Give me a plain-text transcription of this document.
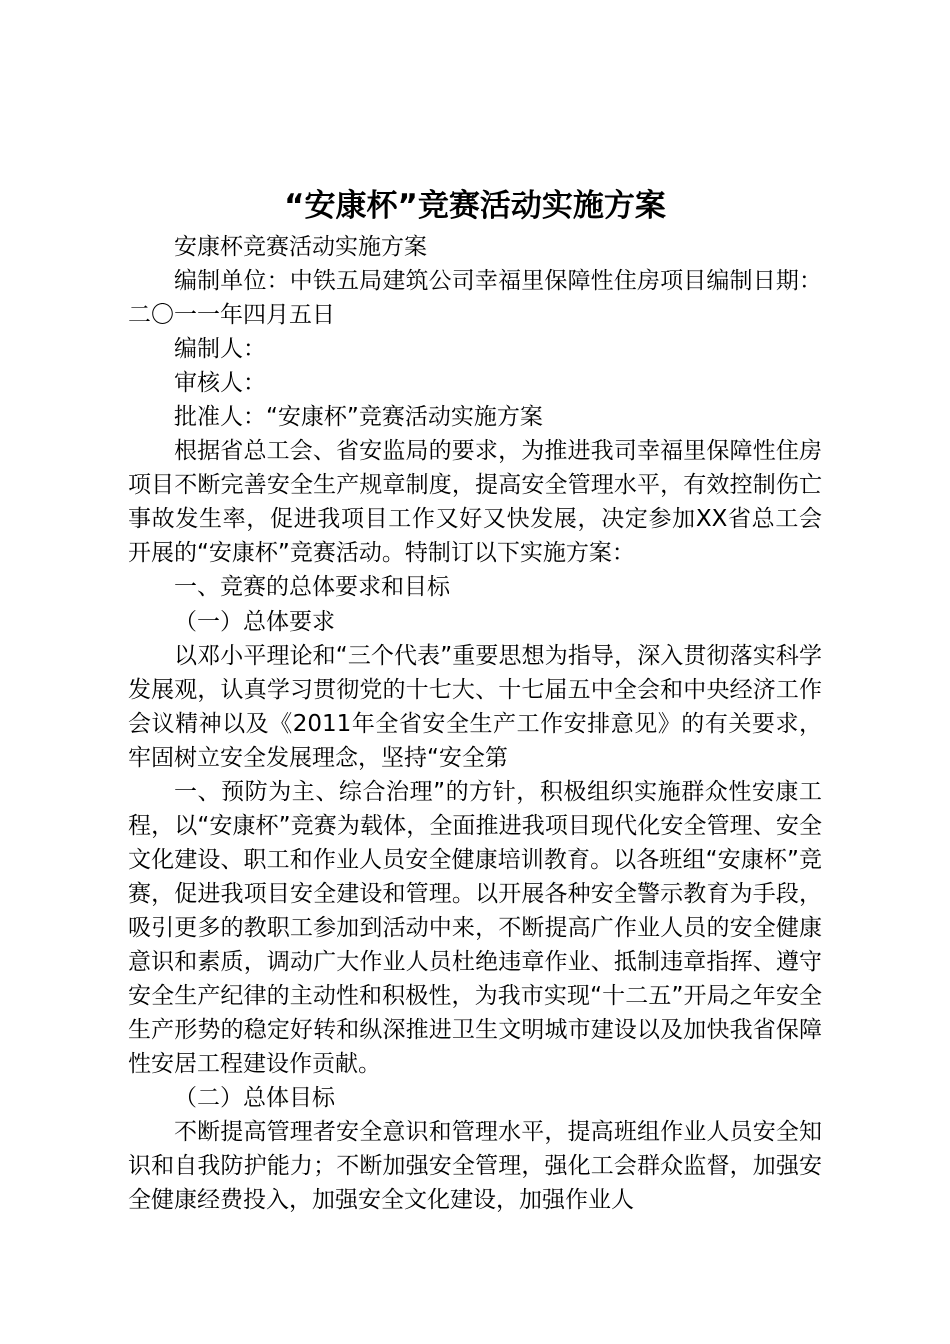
“安康杯”竞赛活动实施方案

安康杯竞赛活动实施方案

编制单位：中铁五局建筑公司幸福里保障性住房项目编制日期：二〇一一年四月五日

编制人：

审核人：

批准人：“安康杯”竞赛活动实施方案

根据省总工会、省安监局的要求，为推进我司幸福里保障性住房项目不断完善安全生产规章制度，提高安全管理水平，有效控制伤亡事故发生率，促进我项目工作又好又快发展，决定参加XX省总工会开展的“安康杯”竞赛活动。特制订以下实施方案：

一、竞赛的总体要求和目标

（一）总体要求

以邓小平理论和“三个代表”重要思想为指导，深入贯彻落实科学发展观，认真学习贯彻党的十七大、十七届五中全会和中央经济工作会议精神以及《2011年全省安全生产工作安排意见》的有关要求，牢固树立安全发展理念，坚持“安全第

一、预防为主、综合治理”的方针，积极组织实施群众性安康工程，以“安康杯”竞赛为载体，全面推进我项目现代化安全管理、安全文化建设、职工和作业人员安全健康培训教育。以各班组“安康杯”竞赛，促进我项目安全建设和管理。以开展各种安全警示教育为手段，吸引更多的教职工参加到活动中来，不断提高广作业人员的安全健康意识和素质，调动广大作业人员杜绝违章作业、抵制违章指挥、遵守安全生产纪律的主动性和积极性，为我市实现“十二五”开局之年安全生产形势的稳定好转和纵深推进卫生文明城市建设以及加快我省保障性安居工程建设作贡献。

（二）总体目标

不断提高管理者安全意识和管理水平，提高班组作业人员安全知识和自我防护能力；不断加强安全管理，强化工会群众监督，加强安全健康经费投入，加强安全文化建设，加强作业人
